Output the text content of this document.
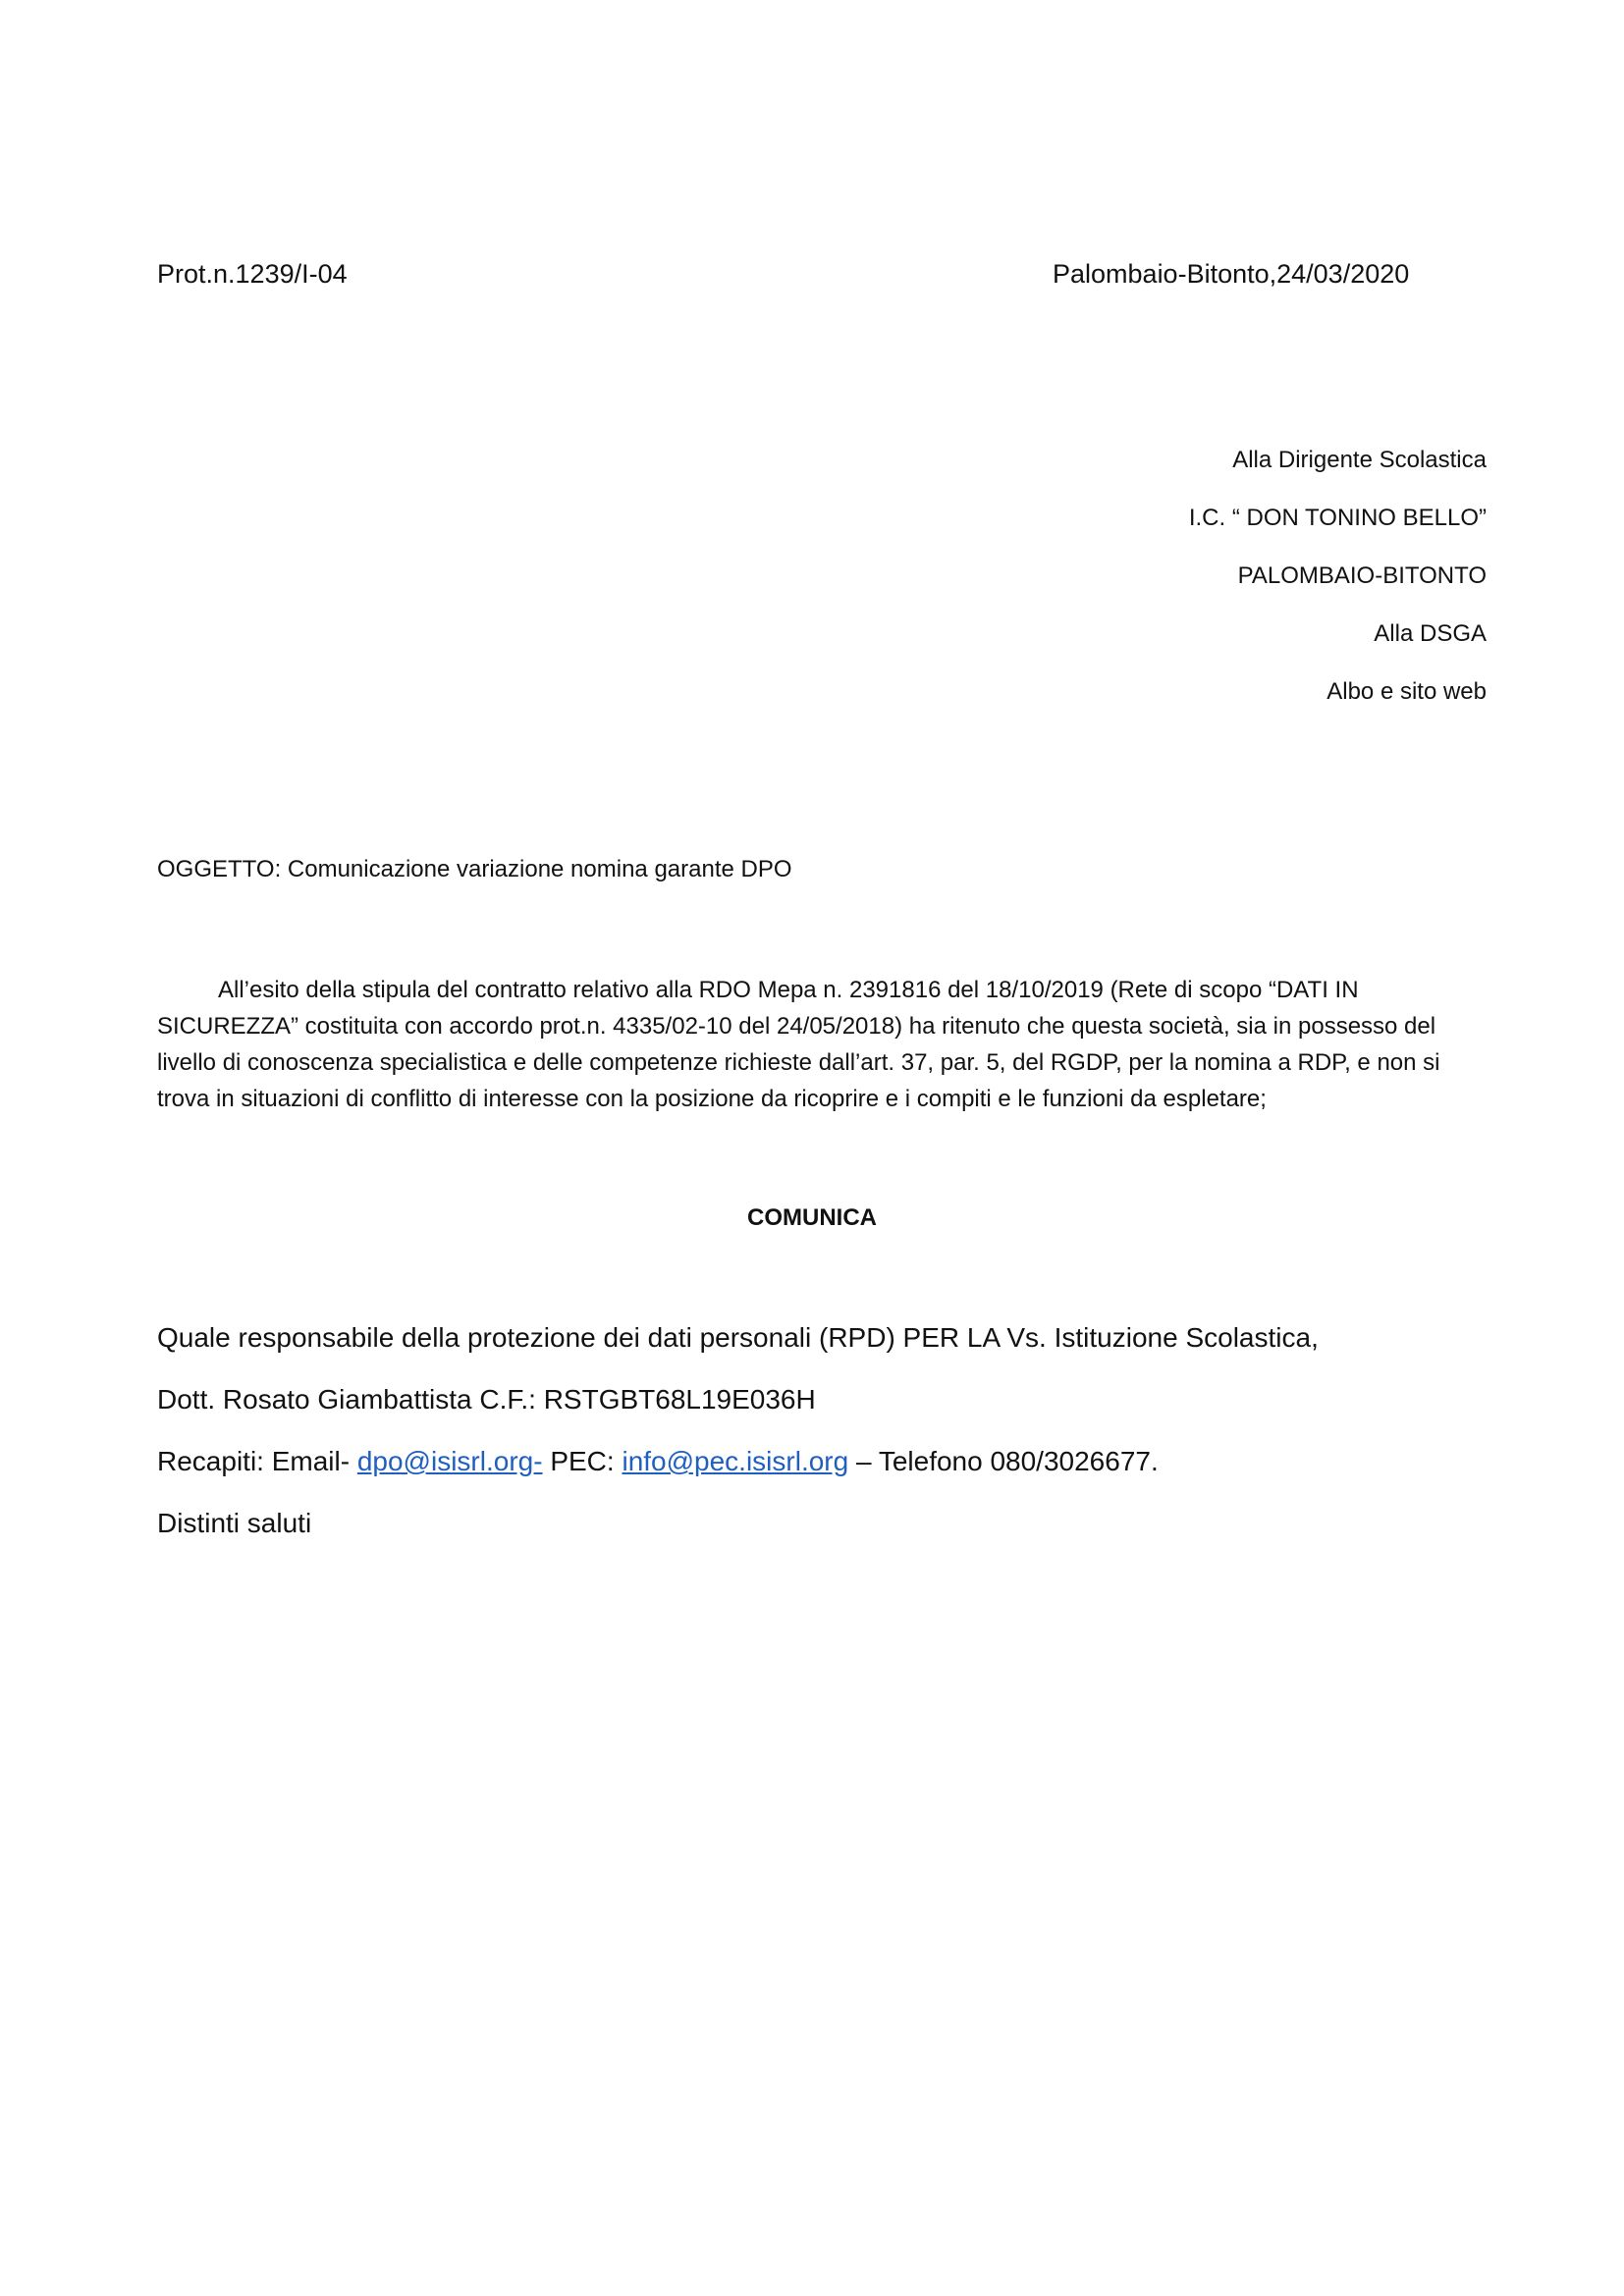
Prot.n.1239/I-04	Palombaio-Bitonto,24/03/2020
Alla Dirigente Scolastica
I.C. “ DON TONINO BELLO”
PALOMBAIO-BITONTO
Alla DSGA
Albo e sito web
OGGETTO: Comunicazione variazione nomina garante DPO
All’esito della stipula del contratto relativo alla RDO Mepa n. 2391816 del 18/10/2019 (Rete di scopo “DATI IN SICUREZZA” costituita con accordo prot.n. 4335/02-10 del 24/05/2018) ha ritenuto che questa società, sia in possesso del livello di conoscenza specialistica e delle competenze richieste dall’art. 37, par. 5, del RGDP, per la nomina a RDP, e non si trova in situazioni di conflitto di interesse con la posizione da ricoprire e i compiti e le funzioni da espletare;
COMUNICA

Quale responsabile della protezione dei dati personali (RPD) PER LA Vs. Istituzione Scolastica,

Dott. Rosato Giambattista C.F.: RSTGBT68L19E036H

Recapiti: Email- dpo@isisrl.org- PEC: info@pec.isisrl.org – Telefono 080/3026677.

Distinti saluti
